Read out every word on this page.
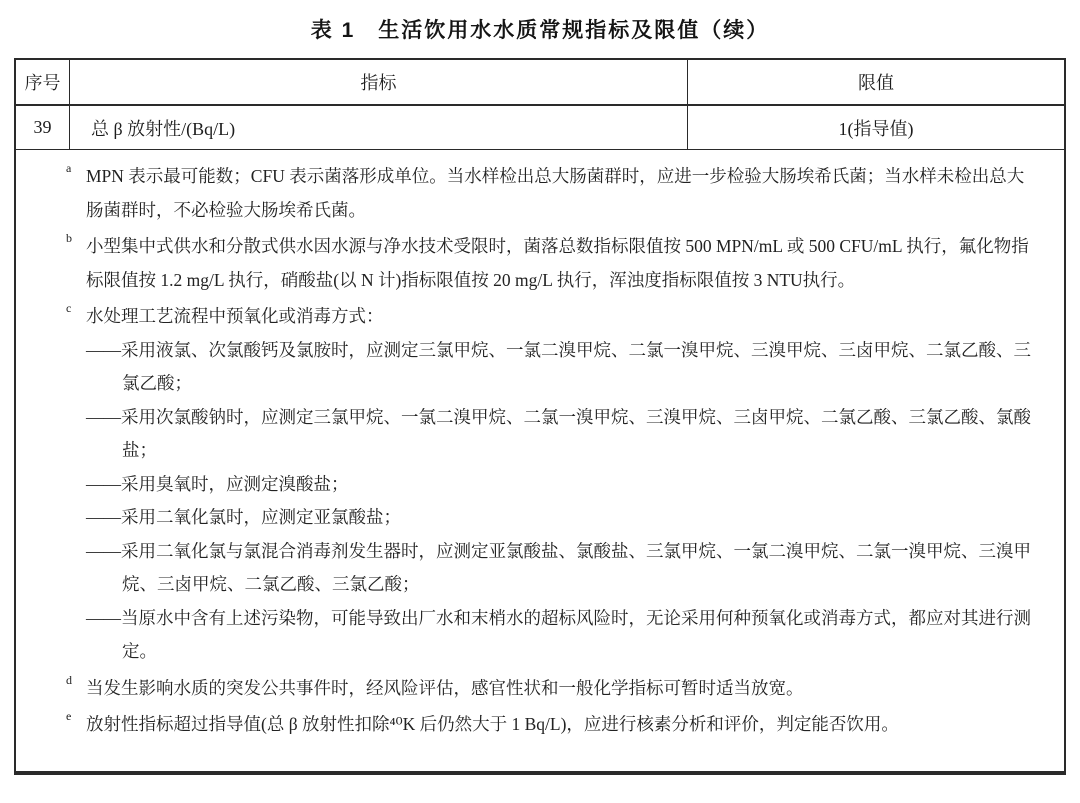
表 1　生活饮用水水质常规指标及限值（续）
序号	指标	限值
39	总 β 放射性/(Bq/L)	1(指导值)
a MPN 表示最可能数；CFU 表示菌落形成单位。当水样检出总大肠菌群时，应进一步检验大肠埃希氏菌；当水样未检出总大肠菌群时，不必检验大肠埃希氏菌。
b 小型集中式供水和分散式供水因水源与净水技术受限时，菌落总数指标限值按 500 MPN/mL 或 500 CFU/mL 执行，氟化物指标限值按 1.2 mg/L 执行，硝酸盐(以 N 计)指标限值按 20 mg/L 执行，浑浊度指标限值按 3 NTU执行。
c 水处理工艺流程中预氧化或消毒方式：
——采用液氯、次氯酸钙及氯胺时，应测定三氯甲烷、一氯二溴甲烷、二氯一溴甲烷、三溴甲烷、三卤甲烷、二氯乙酸、三氯乙酸；
——采用次氯酸钠时，应测定三氯甲烷、一氯二溴甲烷、二氯一溴甲烷、三溴甲烷、三卤甲烷、二氯乙酸、三氯乙酸、氯酸盐；
——采用臭氧时，应测定溴酸盐；
——采用二氧化氯时，应测定亚氯酸盐；
——采用二氧化氯与氯混合消毒剂发生器时，应测定亚氯酸盐、氯酸盐、三氯甲烷、一氯二溴甲烷、二氯一溴甲烷、三溴甲烷、三卤甲烷、二氯乙酸、三氯乙酸；
——当原水中含有上述污染物，可能导致出厂水和末梢水的超标风险时，无论采用何种预氧化或消毒方式，都应对其进行测定。
d 当发生影响水质的突发公共事件时，经风险评估，感官性状和一般化学指标可暂时适当放宽。
e 放射性指标超过指导值(总 β 放射性扣除⁴⁰K 后仍然大于 1 Bq/L)，应进行核素分析和评价，判定能否饮用。
